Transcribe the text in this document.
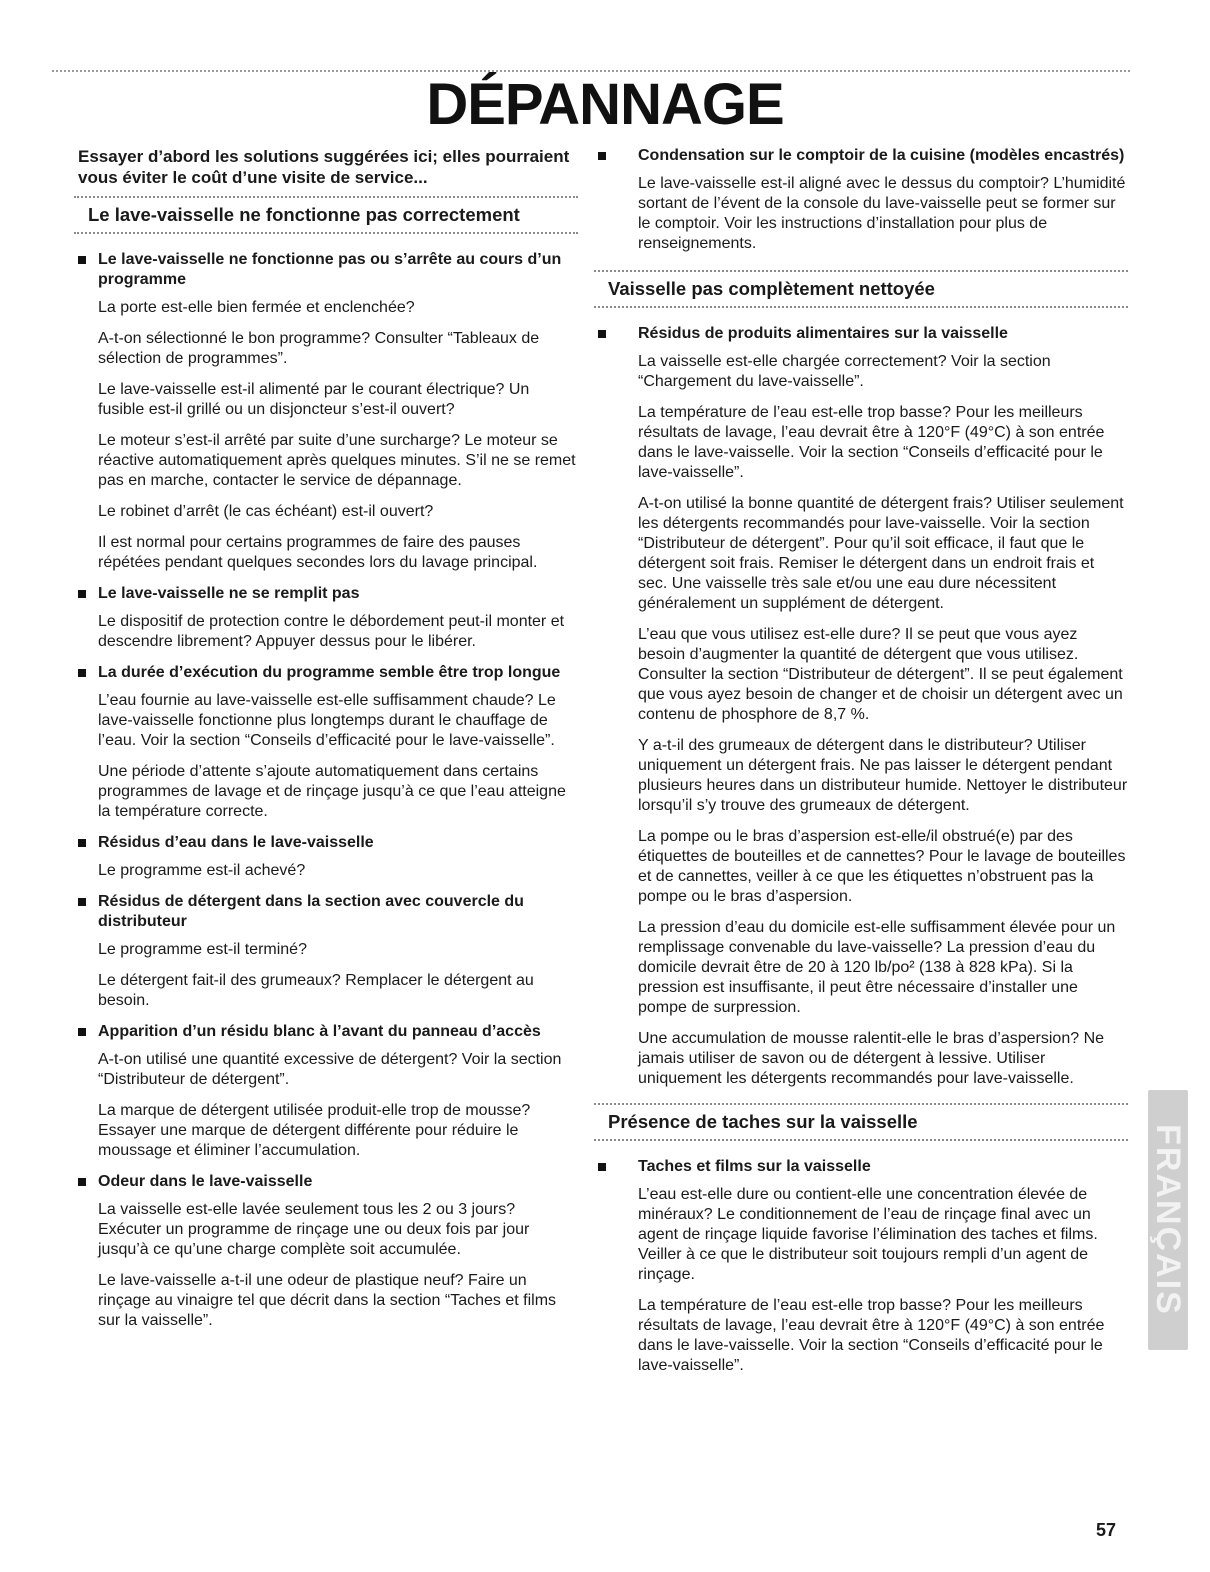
DÉPANNAGE

Essayer d’abord les solutions suggérées ici; elles pourraient vous éviter le coût d’une visite de service...

Le lave-vaisselle ne fonctionne pas correctement
Le lave-vaisselle ne fonctionne pas ou s’arrête au cours d’un programme

La porte est-elle bien fermée et enclenchée?

A-t-on sélectionné le bon programme? Consulter “Tableaux de sélection de programmes”.

Le lave-vaisselle est-il alimenté par le courant électrique? Un fusible est-il grillé ou un disjoncteur s’est-il ouvert?

Le moteur s’est-il arrêté par suite d’une surcharge? Le moteur se réactive automatiquement après quelques minutes. S’il ne se remet pas en marche, contacter le service de dépannage.

Le robinet d’arrêt (le cas échéant) est-il ouvert?

Il est normal pour certains programmes de faire des pauses répétées pendant quelques secondes lors du lavage principal.

Le lave-vaisselle ne se remplit pas

Le dispositif de protection contre le débordement peut-il monter et descendre librement? Appuyer dessus pour le libérer.

La durée d’exécution du programme semble être trop longue

L’eau fournie au lave-vaisselle est-elle suffisamment chaude? Le lave-vaisselle fonctionne plus longtemps durant le chauffage de l’eau. Voir la section “Conseils d’efficacité pour le lave-vaisselle”.

Une période d’attente s’ajoute automatiquement dans certains programmes de lavage et de rinçage jusqu’à ce que l’eau atteigne la température correcte.

Résidus d’eau dans le lave-vaisselle

Le programme est-il achevé?

Résidus de détergent dans la section avec couvercle du distributeur

Le programme est-il terminé?

Le détergent fait-il des grumeaux? Remplacer le détergent au besoin.

Apparition d’un résidu blanc à l’avant du panneau d’accès

A-t-on utilisé une quantité excessive de détergent? Voir la section “Distributeur de détergent”.

La marque de détergent utilisée produit-elle trop de mousse? Essayer une marque de détergent différente pour réduire le moussage et éliminer l’accumulation.

Odeur dans le lave-vaisselle

La vaisselle est-elle lavée seulement tous les 2 ou 3 jours? Exécuter un programme de rinçage une ou deux fois par jour jusqu’à ce qu’une charge complète soit accumulée.

Le lave-vaisselle a-t-il une odeur de plastique neuf? Faire un rinçage au vinaigre tel que décrit dans la section “Taches et films sur la vaisselle”.

Condensation sur le comptoir de la cuisine (modèles encastrés)

Le lave-vaisselle est-il aligné avec le dessus du comptoir? L’humidité sortant de l’évent de la console du lave-vaisselle peut se former sur le comptoir. Voir les instructions d’installation pour plus de renseignements.

Vaisselle pas complètement nettoyée
Résidus de produits alimentaires sur la vaisselle

La vaisselle est-elle chargée correctement? Voir la section “Chargement du lave-vaisselle”.

La température de l’eau est-elle trop basse? Pour les meilleurs résultats de lavage, l’eau devrait être à 120°F (49°C) à son entrée dans le lave-vaisselle. Voir la section “Conseils d’efficacité pour le lave-vaisselle”.

A-t-on utilisé la bonne quantité de détergent frais? Utiliser seulement les détergents recommandés pour lave-vaisselle. Voir la section “Distributeur de détergent”. Pour qu’il soit efficace, il faut que le détergent soit frais. Remiser le détergent dans un endroit frais et sec. Une vaisselle très sale et/ou une eau dure nécessitent généralement un supplément de détergent.

L’eau que vous utilisez est-elle dure? Il se peut que vous ayez besoin d’augmenter la quantité de détergent que vous utilisez. Consulter la section “Distributeur de détergent”. Il se peut également que vous ayez besoin de changer et de choisir un détergent avec un contenu de phosphore de 8,7 %.

Y a-t-il des grumeaux de détergent dans le distributeur? Utiliser uniquement un détergent frais. Ne pas laisser le détergent pendant plusieurs heures dans un distributeur humide. Nettoyer le distributeur lorsqu’il s’y trouve des grumeaux de détergent.

La pompe ou le bras d’aspersion est-elle/il obstrué(e) par des étiquettes de bouteilles et de cannettes? Pour le lavage de bouteilles et de cannettes, veiller à ce que les étiquettes n’obstruent pas la pompe ou le bras d’aspersion.

La pression d’eau du domicile est-elle suffisamment élevée pour un remplissage convenable du lave-vaisselle? La pression d’eau du domicile devrait être de 20 à 120 lb/po² (138 à 828 kPa). Si la pression est insuffisante, il peut être nécessaire d’installer une pompe de surpression.

Une accumulation de mousse ralentit-elle le bras d’aspersion? Ne jamais utiliser de savon ou de détergent à lessive. Utiliser uniquement les détergents recommandés pour lave-vaisselle.

Présence de taches sur la vaisselle
Taches et films sur la vaisselle

L’eau est-elle dure ou contient-elle une concentration élevée de minéraux? Le conditionnement de l’eau de rinçage final avec un agent de rinçage liquide favorise l’élimination des taches et films. Veiller à ce que le distributeur soit toujours rempli d’un agent de rinçage.

La température de l’eau est-elle trop basse? Pour les meilleurs résultats de lavage, l’eau devrait être à 120°F (49°C) à son entrée dans le lave-vaisselle. Voir la section “Conseils d’efficacité pour le lave-vaisselle”.

FRANÇAIS
57
